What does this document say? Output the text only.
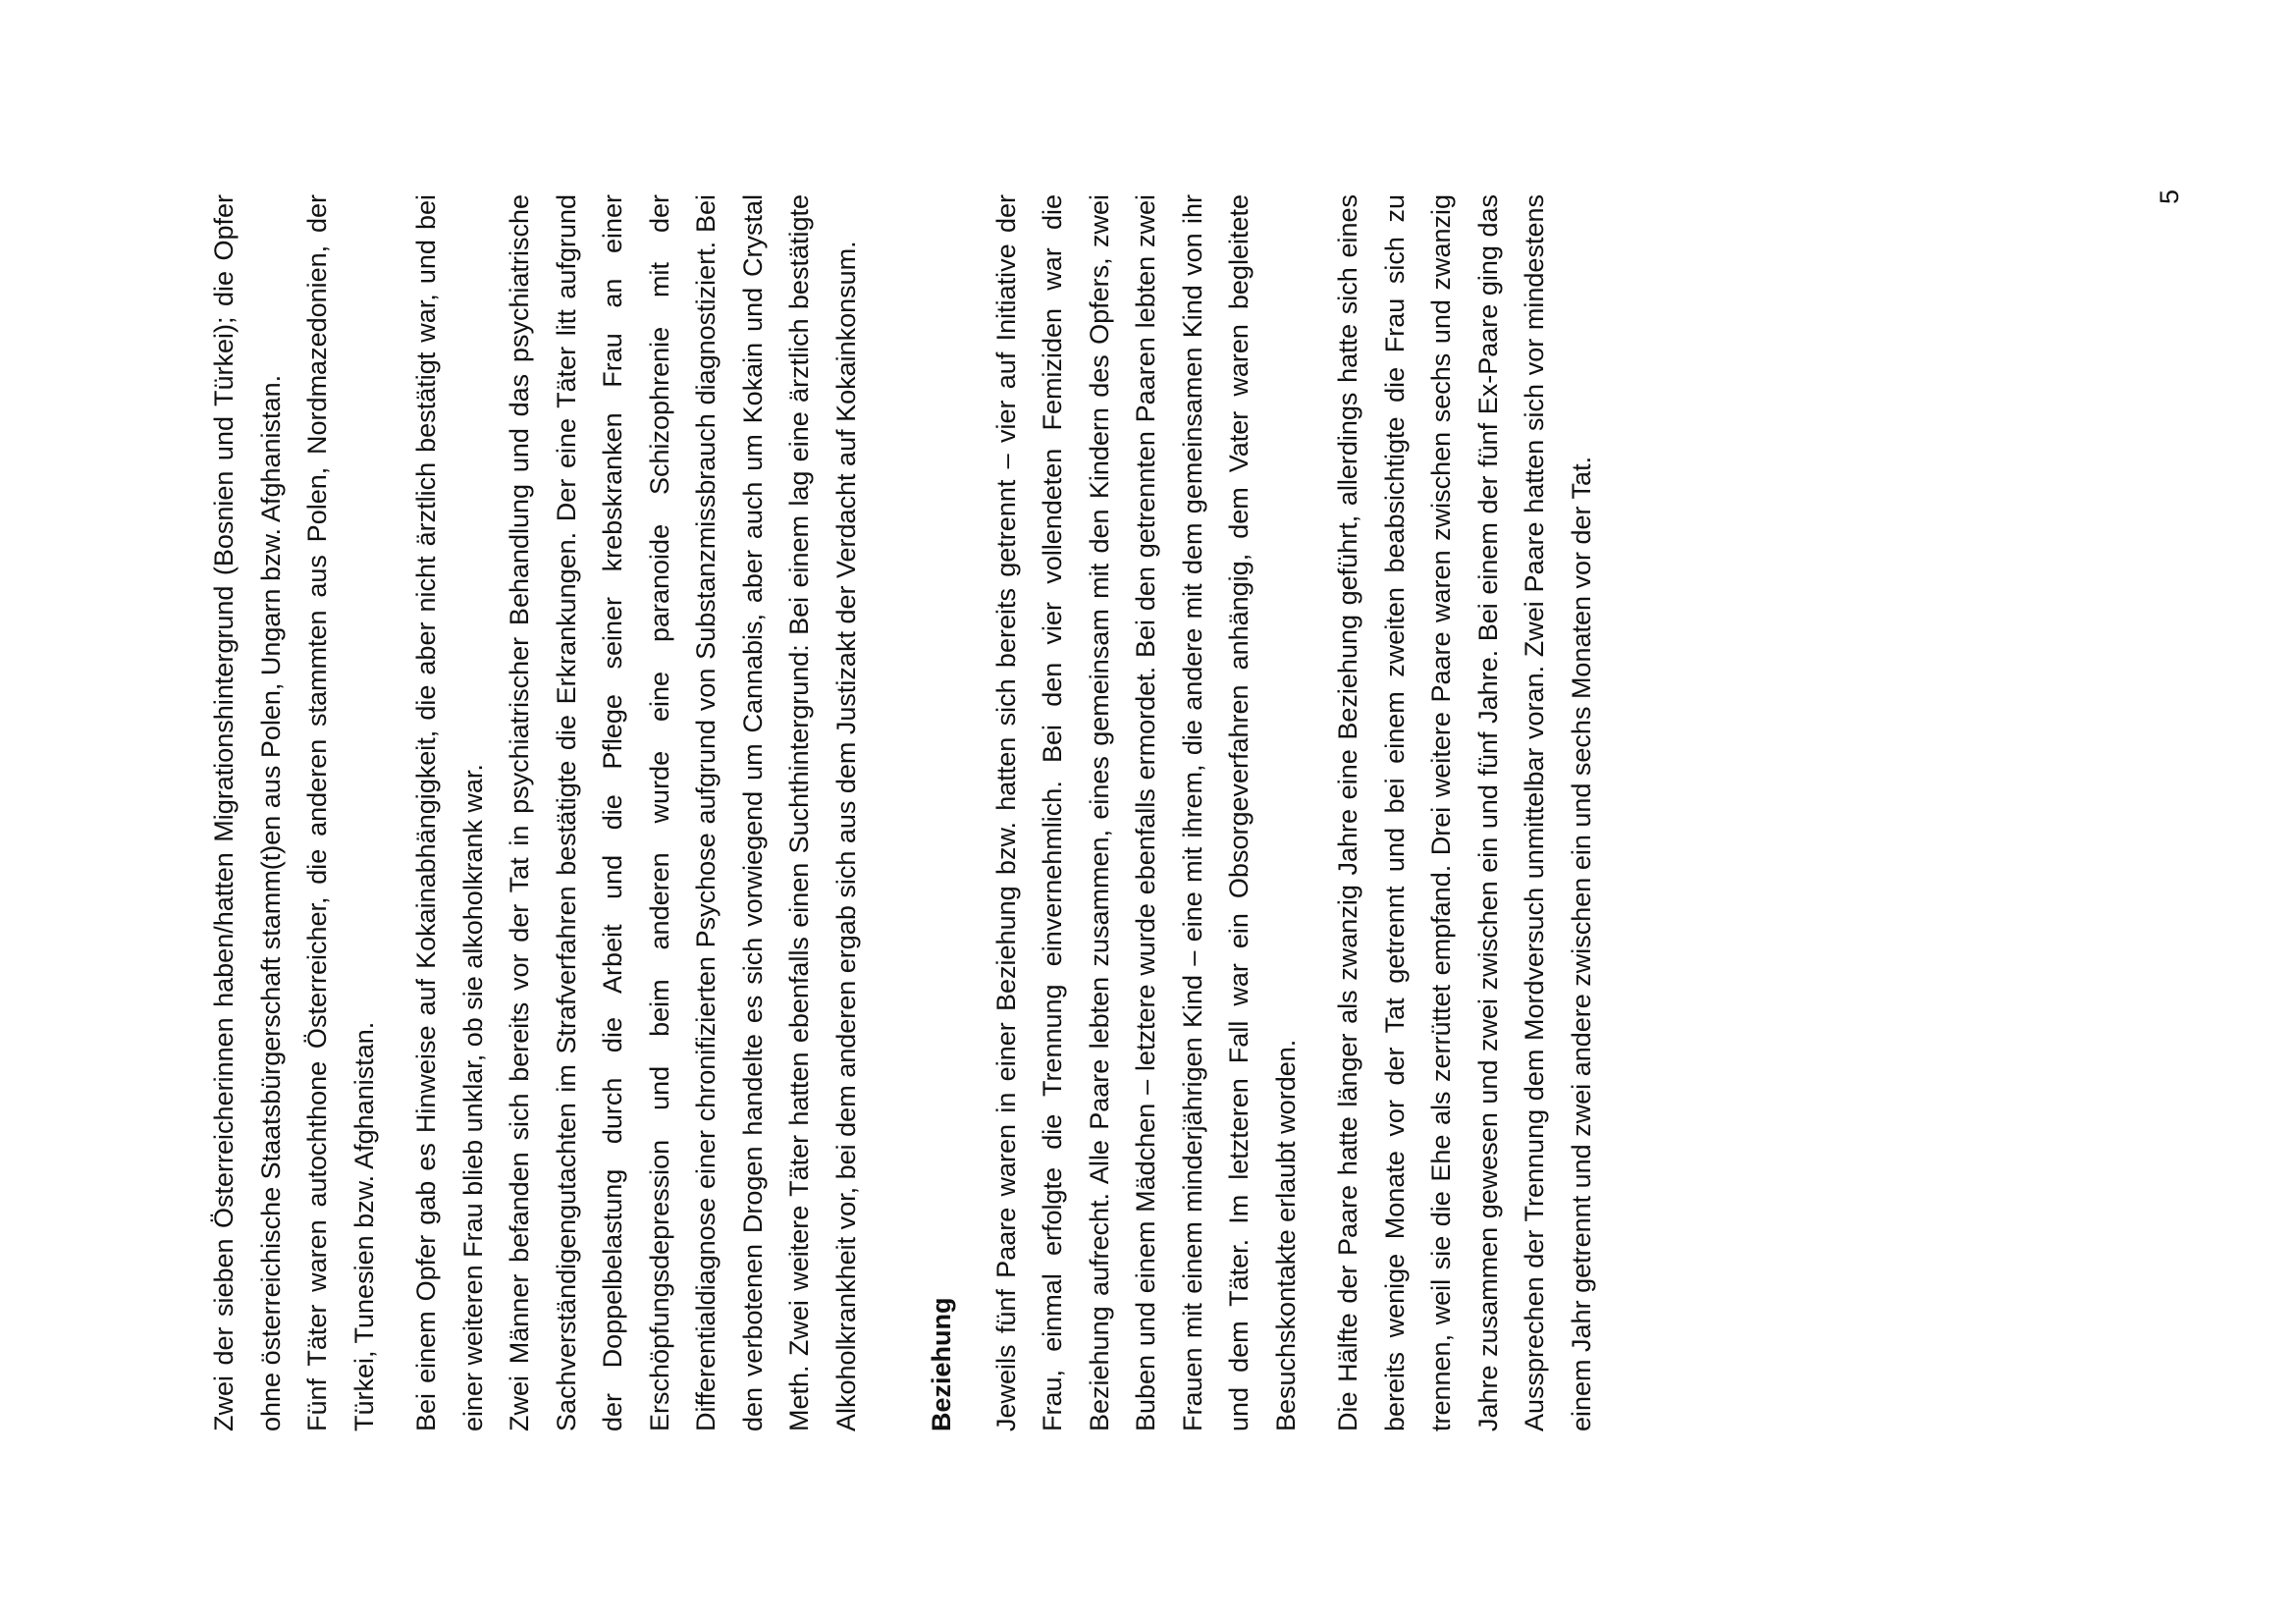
Zwei der sieben Österreicherinnen haben/hatten Migrationshintergrund (Bosnien und Türkei); die Opfer ohne österreichische Staatsbürgerschaft stamm(t)en aus Polen, Ungarn bzw. Afghanistan. Fünf Täter waren autochthone Österreicher, die anderen stammten aus Polen, Nordmazedonien, der Türkei, Tunesien bzw. Afghanistan.	Bei einem Opfer gab es Hinweise auf Kokainabhängigkeit, die aber nicht ärztlich bestätigt war, und bei einer weiteren Frau blieb unklar, ob sie alkoholkrank war. Zwei Männer befanden sich bereits vor der Tat in psychiatrischer Behandlung und das psychiatrische Sachverständigengutachten im Strafverfahren bestätigte die Erkrankungen. Der eine Täter litt aufgrund der Doppelbelastung durch die Arbeit und die Pflege seiner krebskranken Frau an einer Erschöpfungsdepression und beim anderen wurde eine paranoide Schizophrenie mit der Differentialdiagnose einer chronifizierten Psychose aufgrund von Substanzmissbrauch diagnostiziert. Bei den verbotenen Drogen handelte es sich vorwiegend um Cannabis, aber auch um Kokain und Crystal Meth. Zwei weitere Täter hatten ebenfalls einen Suchthintergrund: Bei einem lag eine ärztlich bestätigte Alkoholkrankheit vor, bei dem anderen ergab sich aus dem Justizakt der Verdacht auf Kokainkonsum.	Beziehung	Jeweils fünf Paare waren in einer Beziehung bzw. hatten sich bereits getrennt – vier auf Initiative der Frau, einmal erfolgte die Trennung einvernehmlich. Bei den vier vollendeten Femiziden war die Beziehung aufrecht. Alle Paare lebten zusammen, eines gemeinsam mit den Kindern des Opfers, zwei Buben und einem Mädchen – letztere wurde ebenfalls ermordet. Bei den getrennten Paaren lebten zwei Frauen mit einem minderjährigen Kind – eine mit ihrem, die andere mit dem gemeinsamen Kind von ihr und dem Täter. Im letzteren Fall war ein Obsorgeverfahren anhängig, dem Vater waren begleitete Besuchskontakte erlaubt worden.	Die Hälfte der Paare hatte länger als zwanzig Jahre eine Beziehung geführt, allerdings hatte sich eines bereits wenige Monate vor der Tat getrennt und bei einem zweiten beabsichtigte die Frau sich zu trennen, weil sie die Ehe als zerrüttet empfand. Drei weitere Paare waren zwischen sechs und zwanzig Jahre zusammen gewesen und zwei zwischen ein und fünf Jahre. Bei einem der fünf Ex-Paare ging das Aussprechen der Trennung dem Mordversuch unmittelbar voran. Zwei Paare hatten sich vor mindestens einem Jahr getrennt und zwei andere zwischen ein und sechs Monaten vor der Tat.

5
